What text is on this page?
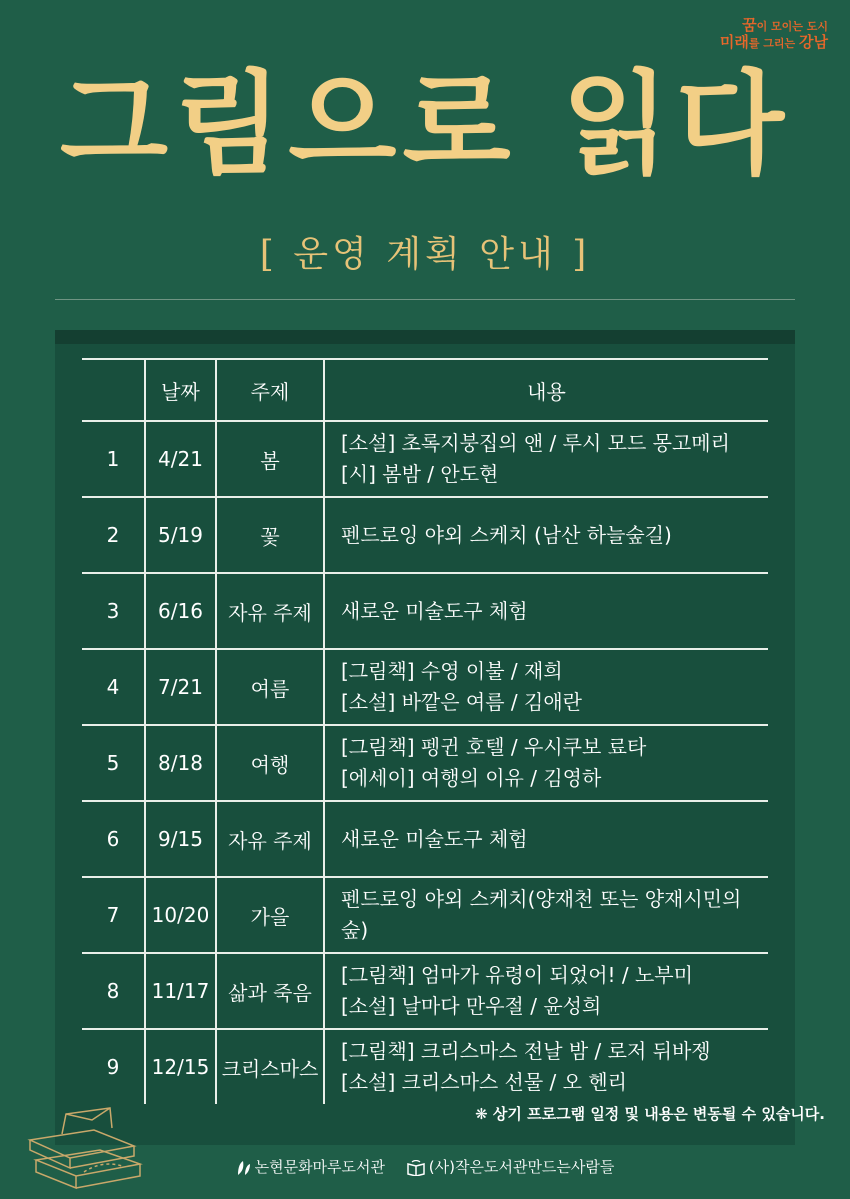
꿈이 모이는 도시
미래를 그리는 강남
그림으로 읽다
[ 운영 계획 안내 ]
	날짜	주제	내용
1	4/21	봄	[소설] 초록지붕집의 앤 / 루시 모드 몽고메리
[시] 봄밤 / 안도현

2	5/19	꽃	펜드로잉 야외 스케치 (남산 하늘숲길)

3	6/16	자유 주제	새로운 미술도구 체험

4	7/21	여름	[그림책] 수영 이불 / 재희
[소설] 바깥은 여름 / 김애란

5	8/18	여행	[그림책] 펭귄 호텔 / 우시쿠보 료타
[에세이] 여행의 이유 / 김영하

6	9/15	자유 주제	새로운 미술도구 체험

7	10/20	가을	펜드로잉 야외 스케치(양재천 또는 양재시민의 숲)

8	11/17	삶과 죽음	[그림책] 엄마가 유령이 되었어! / 노부미
[소설] 날마다 만우절 / 윤성희

9	12/15	크리스마스	[그림책] 크리스마스 전날 밤 / 로저 뒤바젱
[소설] 크리스마스 선물 / 오 헨리
❋ 상기 프로그램 일정 및 내용은 변동될 수 있습니다.
논현문화마루도서관	(사)작은도서관만드는사람들
